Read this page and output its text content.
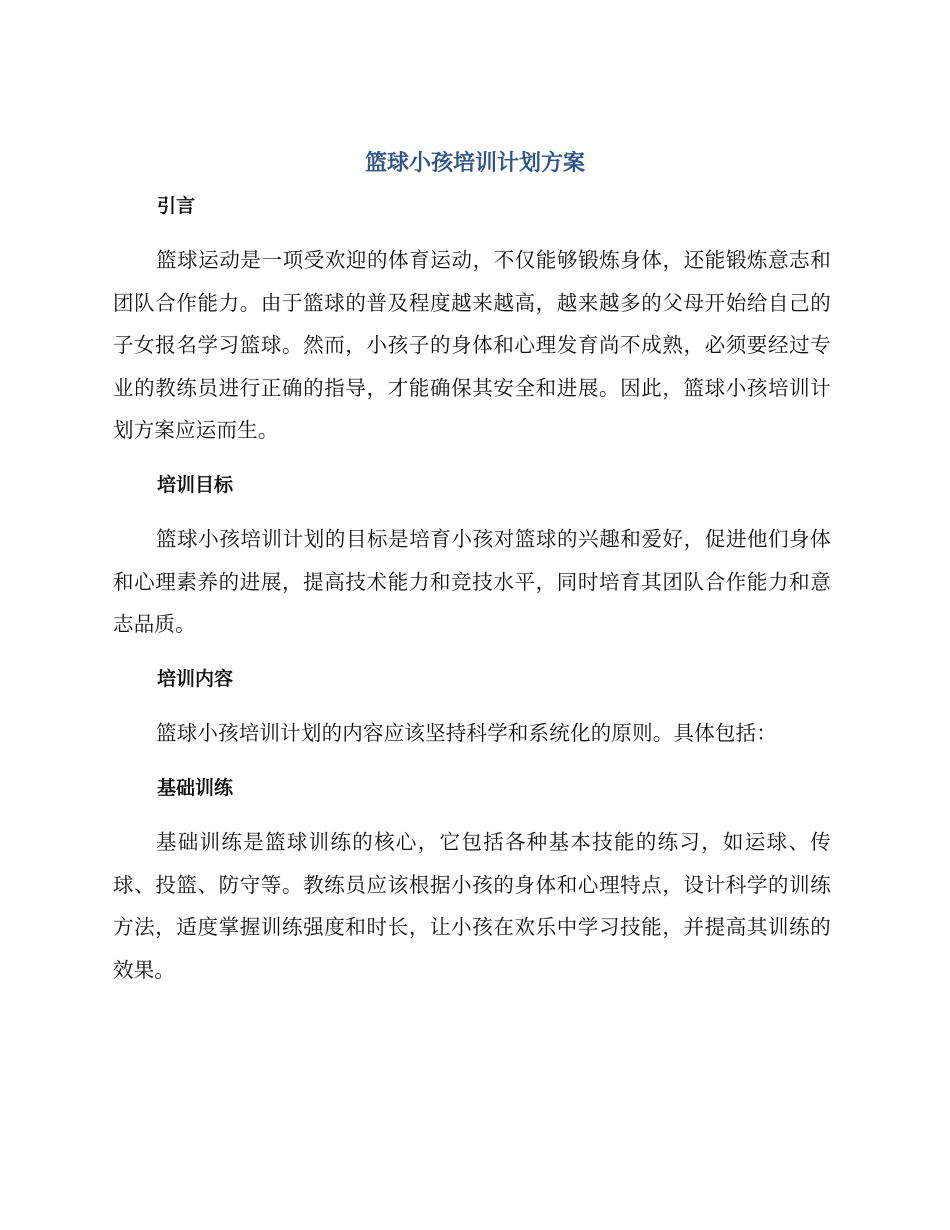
篮球小孩培训计划方案
引言

篮球运动是一项受欢迎的体育运动，不仅能够锻炼身体，还能锻炼意志和团队合作能力。由于篮球的普及程度越来越高，越来越多的父母开始给自己的子女报名学习篮球。然而，小孩子的身体和心理发育尚不成熟，必须要经过专业的教练员进行正确的指导，才能确保其安全和进展。因此，篮球小孩培训计划方案应运而生。

培训目标

篮球小孩培训计划的目标是培育小孩对篮球的兴趣和爱好，促进他们身体和心理素养的进展，提高技术能力和竞技水平，同时培育其团队合作能力和意志品质。

培训内容

篮球小孩培训计划的内容应该坚持科学和系统化的原则。具体包括：

基础训练

基础训练是篮球训练的核心，它包括各种基本技能的练习，如运球、传球、投篮、防守等。教练员应该根据小孩的身体和心理特点，设计科学的训练方法，适度掌握训练强度和时长，让小孩在欢乐中学习技能，并提高其训练的效果。
